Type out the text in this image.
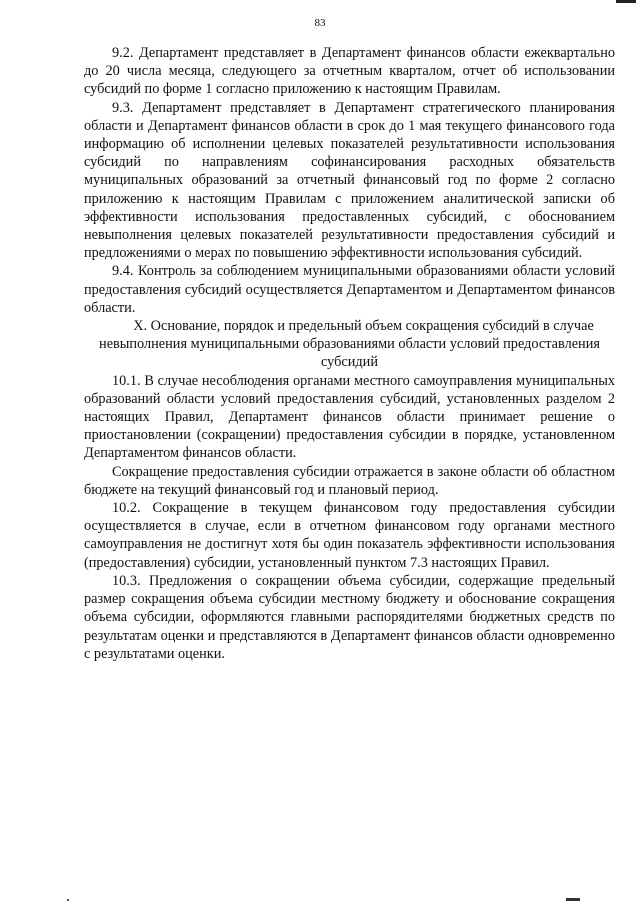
83

9.2. Департамент представляет в Департамент финансов области ежеквартально до 20 числа месяца, следующего за отчетным кварталом, отчет об использовании субсидий по форме 1 согласно приложению к настоящим Правилам.

9.3. Департамент представляет в Департамент стратегического планирования области и Департамент финансов области в срок до 1 мая текущего финансового года информацию об исполнении целевых показателей результативности использования субсидий по направлениям софинансирования расходных обязательств муниципальных образований за отчетный финансовый год по форме 2 согласно приложению к настоящим Правилам с приложением аналитической записки об эффективности использования предоставленных субсидий, с обоснованием невыполнения целевых показателей результативности предоставления субсидий и предложениями о мерах по повышению эффективности использования субсидий.

9.4. Контроль за соблюдением муниципальными образованиями области условий предоставления субсидий осуществляется Департаментом и Департаментом финансов области.

X. Основание, порядок и предельный объем сокращения субсидий в случае невыполнения муниципальными образованиями области условий предоставления субсидий

10.1. В случае несоблюдения органами местного самоуправления муниципальных образований области условий предоставления субсидий, установленных разделом 2 настоящих Правил, Департамент финансов области принимает решение о приостановлении (сокращении) предоставления субсидии в порядке, установленном Департаментом финансов области.

Сокращение предоставления субсидии отражается в законе области об областном бюджете на текущий финансовый год и плановый период.

10.2. Сокращение в текущем финансовом году предоставления субсидии осуществляется в случае, если в отчетном финансовом году органами местного самоуправления не достигнут хотя бы один показатель эффективности использования (предоставления) субсидии, установленный пунктом 7.3 настоящих Правил.

10.3. Предложения о сокращении объема субсидии, содержащие предельный размер сокращения объема субсидии местному бюджету и обоснование сокращения объема субсидии, оформляются главными распорядителями бюджетных средств по результатам оценки и представляются в Департамент финансов области одновременно с результатами оценки.
